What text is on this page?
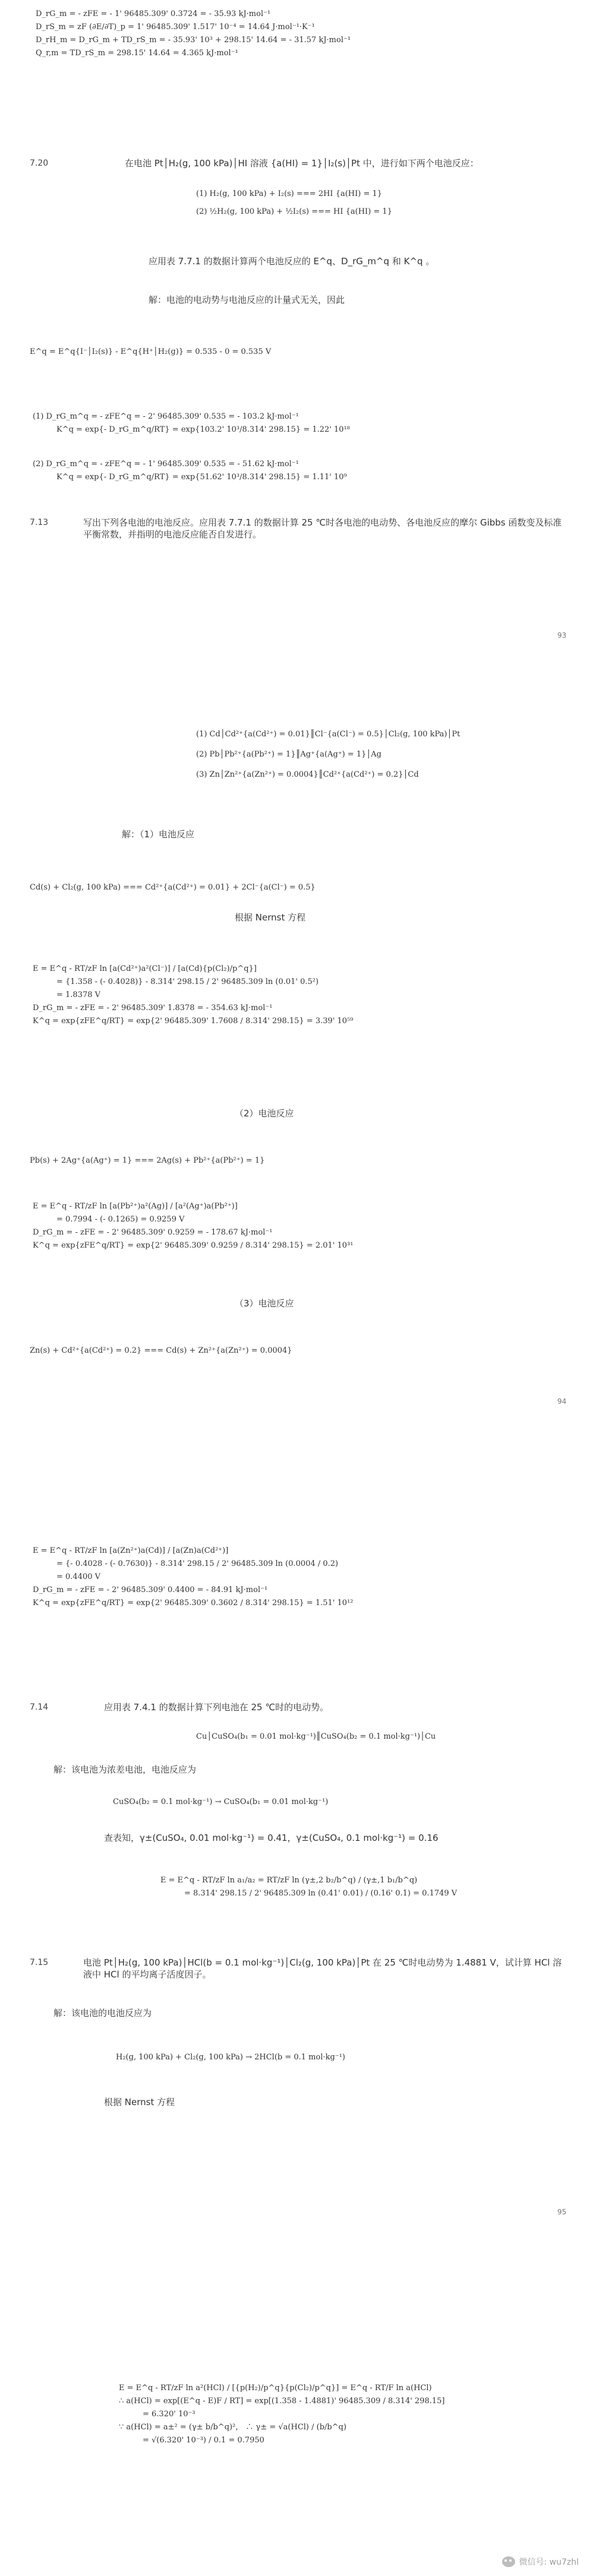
D_rG_m = - zFE = - 1' 96485.309' 0.3724 = - 35.93 kJ·mol⁻¹
D_rS_m = zF (∂E/∂T)_p = 1' 96485.309' 1.517' 10⁻⁴ = 14.64 J·mol⁻¹·K⁻¹
D_rH_m = D_rG_m + TD_rS_m = - 35.93' 10³ + 298.15' 14.64 = - 31.57 kJ·mol⁻¹
Q_r,m = TD_rS_m = 298.15' 14.64 = 4.365 kJ·mol⁻¹
7.20	在电池 Pt│H₂(g, 100 kPa)│HI 溶液 {a(HI) = 1}│I₂(s)│Pt 中，进行如下两个电池反应：
(1) H₂(g, 100 kPa) + I₂(s) === 2HI {a(HI) = 1}
(2) ½H₂(g, 100 kPa) + ½I₂(s) === HI {a(HI) = 1}
应用表 7.7.1 的数据计算两个电池反应的 E^q、D_rG_m^q 和 K^q 。
解：电池的电动势与电池反应的计量式无关，因此
E^q = E^q{I⁻│I₂(s)} - E^q{H⁺│H₂(g)} = 0.535 - 0 = 0.535 V
(1) D_rG_m^q = - zFE^q = - 2' 96485.309' 0.535 = - 103.2 kJ·mol⁻¹
K^q = exp{- D_rG_m^q/RT} = exp{103.2' 10³/8.314' 298.15} = 1.22' 10¹⁸
(2) D_rG_m^q = - zFE^q = - 1' 96485.309' 0.535 = - 51.62 kJ·mol⁻¹
K^q = exp{- D_rG_m^q/RT} = exp{51.62' 10³/8.314' 298.15} = 1.11' 10⁹
7.13	写出下列各电池的电池反应。应用表 7.7.1 的数据计算 25 ℃时各电池的电动势、各电池反应的摩尔 Gibbs 函数变及标准平衡常数，并指明的电池反应能否自发进行。
93
(1) Cd│Cd²⁺{a(Cd²⁺) = 0.01}║Cl⁻{a(Cl⁻) = 0.5}│Cl₂(g, 100 kPa)│Pt
(2) Pb│Pb²⁺{a(Pb²⁺) = 1}║Ag⁺{a(Ag⁺) = 1}│Ag
(3) Zn│Zn²⁺{a(Zn²⁺) = 0.0004}║Cd²⁺{a(Cd²⁺) = 0.2}│Cd
解：（1）电池反应
Cd(s) + Cl₂(g, 100 kPa) === Cd²⁺{a(Cd²⁺) = 0.01} + 2Cl⁻{a(Cl⁻) = 0.5}
根据 Nernst 方程
E = E^q - RT/zF ln [a(Cd²⁺)a²(Cl⁻)] / [a(Cd){p(Cl₂)/p^q}]
= {1.358 - (- 0.4028)} - 8.314' 298.15 / 2' 96485.309 ln (0.01' 0.5²)
= 1.8378 V
D_rG_m = - zFE = - 2' 96485.309' 1.8378 = - 354.63 kJ·mol⁻¹
K^q = exp{zFE^q/RT} = exp{2' 96485.309' 1.7608 / 8.314' 298.15} = 3.39' 10⁵⁹
（2）电池反应
Pb(s) + 2Ag⁺{a(Ag⁺) = 1} === 2Ag(s) + Pb²⁺{a(Pb²⁺) = 1}
E = E^q - RT/zF ln [a(Pb²⁺)a²(Ag)] / [a²(Ag⁺)a(Pb²⁺)]
= 0.7994 - (- 0.1265) = 0.9259 V
D_rG_m = - zFE = - 2' 96485.309' 0.9259 = - 178.67 kJ·mol⁻¹
K^q = exp{zFE^q/RT} = exp{2' 96485.309' 0.9259 / 8.314' 298.15} = 2.01' 10³¹
（3）电池反应
Zn(s) + Cd²⁺{a(Cd²⁺) = 0.2} === Cd(s) + Zn²⁺{a(Zn²⁺) = 0.0004}
94
E = E^q - RT/zF ln [a(Zn²⁺)a(Cd)] / [a(Zn)a(Cd²⁺)]
= {- 0.4028 - (- 0.7630)} - 8.314' 298.15 / 2' 96485.309 ln (0.0004 / 0.2)
= 0.4400 V
D_rG_m = - zFE = - 2' 96485.309' 0.4400 = - 84.91 kJ·mol⁻¹
K^q = exp{zFE^q/RT} = exp{2' 96485.309' 0.3602 / 8.314' 298.15} = 1.51' 10¹²
7.14	应用表 7.4.1 的数据计算下列电池在 25 ℃时的电动势。
Cu│CuSO₄(b₁ = 0.01 mol·kg⁻¹)║CuSO₄(b₂ = 0.1 mol·kg⁻¹)│Cu
解：该电池为浓差电池，电池反应为
CuSO₄(b₂ = 0.1 mol·kg⁻¹) → CuSO₄(b₁ = 0.01 mol·kg⁻¹)
查表知，γ±(CuSO₄, 0.01 mol·kg⁻¹) = 0.41，γ±(CuSO₄, 0.1 mol·kg⁻¹) = 0.16
E = E^q - RT/zF ln a₁/a₂ = RT/zF ln (γ±,2 b₂/b^q) / (γ±,1 b₁/b^q)
= 8.314' 298.15 / 2' 96485.309 ln (0.41' 0.01) / (0.16' 0.1) = 0.1749 V
7.15	电池 Pt│H₂(g, 100 kPa)│HCl(b = 0.1 mol·kg⁻¹)│Cl₂(g, 100 kPa)│Pt 在 25 ℃时电动势为 1.4881 V，试计算 HCl 溶液中 HCl 的平均离子活度因子。
解：该电池的电池反应为
H₂(g, 100 kPa) + Cl₂(g, 100 kPa) → 2HCl(b = 0.1 mol·kg⁻¹)
根据 Nernst 方程
95
E = E^q - RT/zF ln a²(HCl) / [{p(H₂)/p^q}{p(Cl₂)/p^q}] = E^q - RT/F ln a(HCl)
∴ a(HCl) = exp[(E^q - E)F / RT] = exp[(1.358 - 1.4881)' 96485.309 / 8.314' 298.15]
= 6.320' 10⁻³
∵ a(HCl) = a±² = (γ± b/b^q)²， ∴ γ± = √a(HCl) / (b/b^q)
= √(6.320' 10⁻³) / 0.1 = 0.7950
微信号: wu7zhl
